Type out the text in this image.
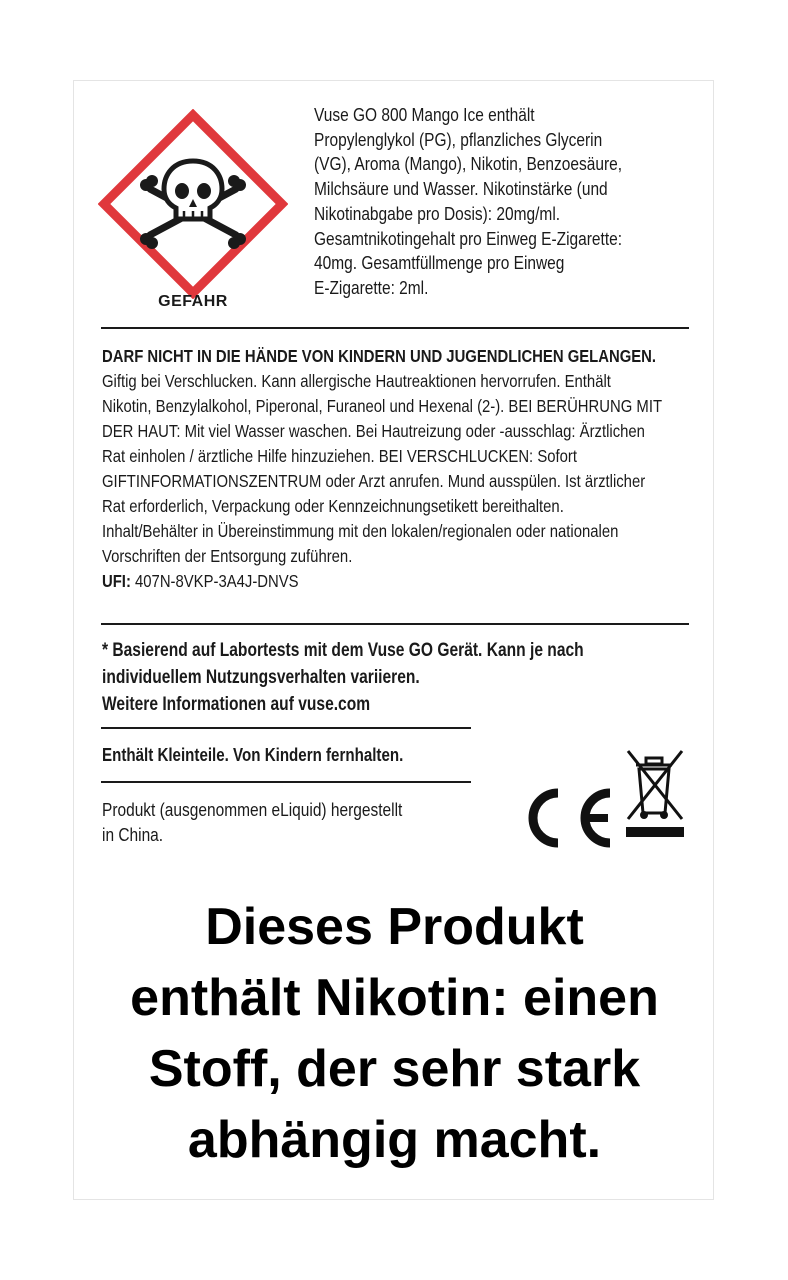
GEFAHR
Vuse GO 800 Mango Ice enthält
Propylenglykol (PG), pflanzliches Glycerin
(VG), Aroma (Mango), Nikotin, Benzoesäure,
Milchsäure und Wasser. Nikotinstärke (und
Nikotinabgabe pro Dosis): 20mg/ml.
Gesamtnikotingehalt pro Einweg E-Zigarette:
40mg. Gesamtfüllmenge pro Einweg
E-Zigarette: 2ml.
DARF NICHT IN DIE HÄNDE VON KINDERN UND JUGENDLICHEN GELANGEN.
Giftig bei Verschlucken. Kann allergische Hautreaktionen hervorrufen. Enthält
Nikotin, Benzylalkohol, Piperonal, Furaneol und Hexenal (2-). BEI BERÜHRUNG MIT
DER HAUT: Mit viel Wasser waschen. Bei Hautreizung oder -ausschlag: Ärztlichen
Rat einholen / ärztliche Hilfe hinzuziehen. BEI VERSCHLUCKEN: Sofort
GIFTINFORMATIONSZENTRUM oder Arzt anrufen. Mund ausspülen. Ist ärztlicher
Rat erforderlich, Verpackung oder Kennzeichnungsetikett bereithalten.
Inhalt/Behälter in Übereinstimmung mit den lokalen/regionalen oder nationalen
Vorschriften der Entsorgung zuführen.
UFI: 407N-8VKP-3A4J-DNVS
* Basierend auf Labortests mit dem Vuse GO Gerät. Kann je nach
individuellem Nutzungsverhalten variieren.
Weitere Informationen auf vuse.com
Enthält Kleinteile. Von Kindern fernhalten.
Produkt (ausgenommen eLiquid) hergestellt
in China.
Dieses Produkt
enthält Nikotin: einen
Stoff, der sehr stark
abhängig macht.
